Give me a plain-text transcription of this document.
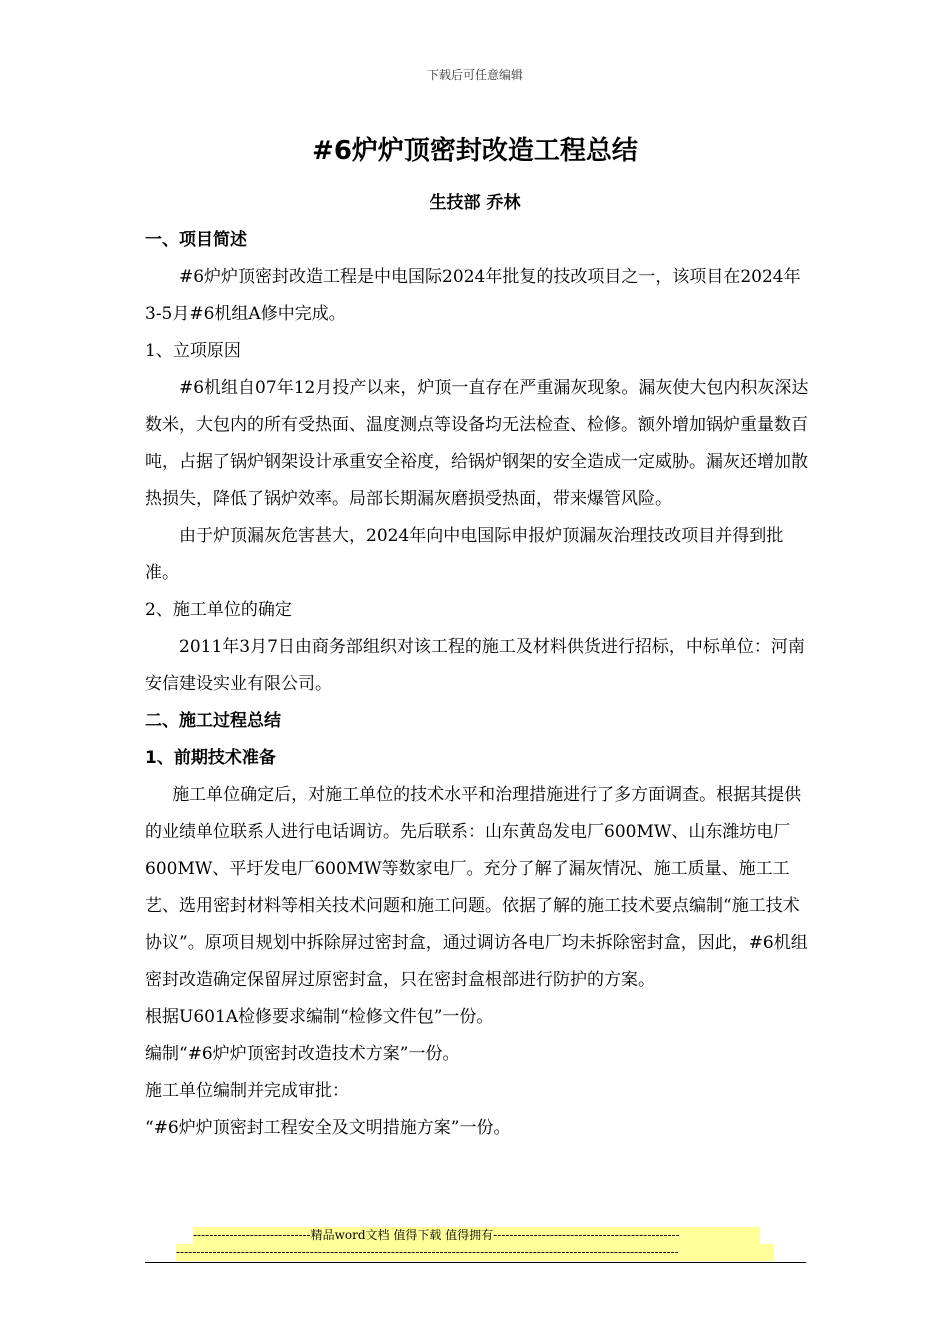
下载后可任意编辑
#6炉炉顶密封改造工程总结
生技部 乔林

一、项目简述

#6炉炉顶密封改造工程是中电国际2024年批复的技改项目之一，该项目在2024年3-5月#6机组A修中完成。

1、立项原因

#6机组自07年12月投产以来，炉顶一直存在严重漏灰现象。漏灰使大包内积灰深达数米，大包内的所有受热面、温度测点等设备均无法检查、检修。额外增加锅炉重量数百吨，占据了锅炉钢架设计承重安全裕度，给锅炉钢架的安全造成一定威胁。漏灰还增加散热损失，降低了锅炉效率。局部长期漏灰磨损受热面，带来爆管风险。

由于炉顶漏灰危害甚大，2024年向中电国际申报炉顶漏灰治理技改项目并得到批准。

2、施工单位的确定

2011年3月7日由商务部组织对该工程的施工及材料供货进行招标，中标单位：河南安信建设实业有限公司。

二、施工过程总结

1、前期技术准备

施工单位确定后，对施工单位的技术水平和治理措施进行了多方面调查。根据其提供的业绩单位联系人进行电话调访。先后联系：山东黄岛发电厂600MW、山东潍坊电厂600MW、平圩发电厂600MW等数家电厂。充分了解了漏灰情况、施工质量、施工工艺、选用密封材料等相关技术问题和施工问题。依据了解的施工技术要点编制“施工技术协议”。原项目规划中拆除屏过密封盒，通过调访各电厂均未拆除密封盒，因此，#6机组密封改造确定保留屏过原密封盒，只在密封盒根部进行防护的方案。

根据U601A检修要求编制“检修文件包”一份。

编制“#6炉炉顶密封改造技术方案”一份。

施工单位编制并完成审批：

“#6炉炉顶密封工程安全及文明措施方案”一份。

-----------------------------精品word文档 值得下载 值得拥有----------------------------------------------
----------------------------------------------------------------------------------------------------------------------------
